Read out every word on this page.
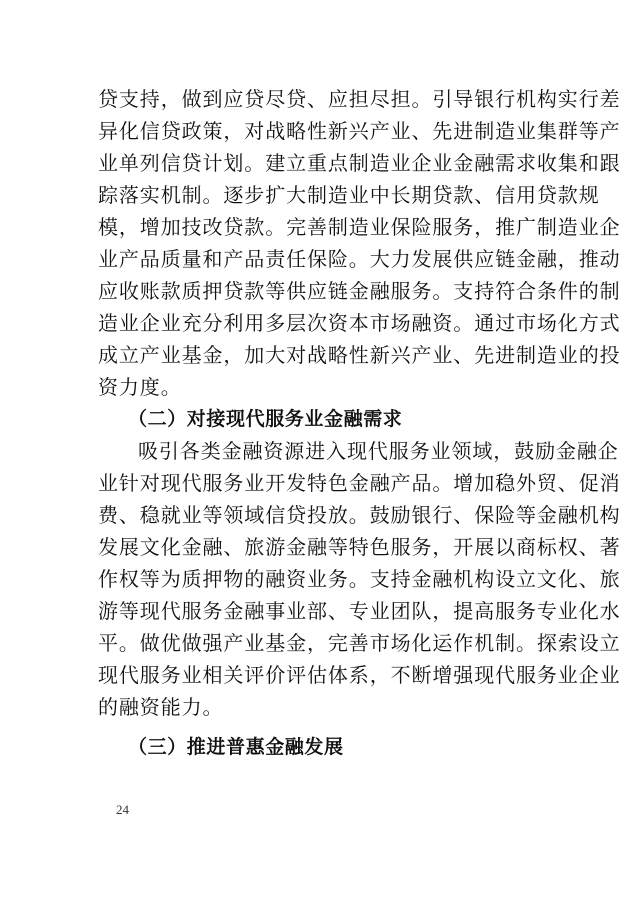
贷支持，做到应贷尽贷、应担尽担。引导银行机构实行差
异化信贷政策，对战略性新兴产业、先进制造业集群等产
业单列信贷计划。建立重点制造业企业金融需求收集和跟
踪落实机制。逐步扩大制造业中长期贷款、信用贷款规
模，增加技改贷款。完善制造业保险服务，推广制造业企
业产品质量和产品责任保险。大力发展供应链金融，推动
应收账款质押贷款等供应链金融服务。支持符合条件的制
造业企业充分利用多层次资本市场融资。通过市场化方式
成立产业基金，加大对战略性新兴产业、先进制造业的投
资力度。
（二）对接现代服务业金融需求
吸引各类金融资源进入现代服务业领域，鼓励金融企
业针对现代服务业开发特色金融产品。增加稳外贸、促消
费、稳就业等领域信贷投放。鼓励银行、保险等金融机构
发展文化金融、旅游金融等特色服务，开展以商标权、著
作权等为质押物的融资业务。支持金融机构设立文化、旅
游等现代服务金融事业部、专业团队，提高服务专业化水
平。做优做强产业基金，完善市场化运作机制。探索设立
现代服务业相关评价评估体系，不断增强现代服务业企业
的融资能力。
（三）推进普惠金融发展
24
